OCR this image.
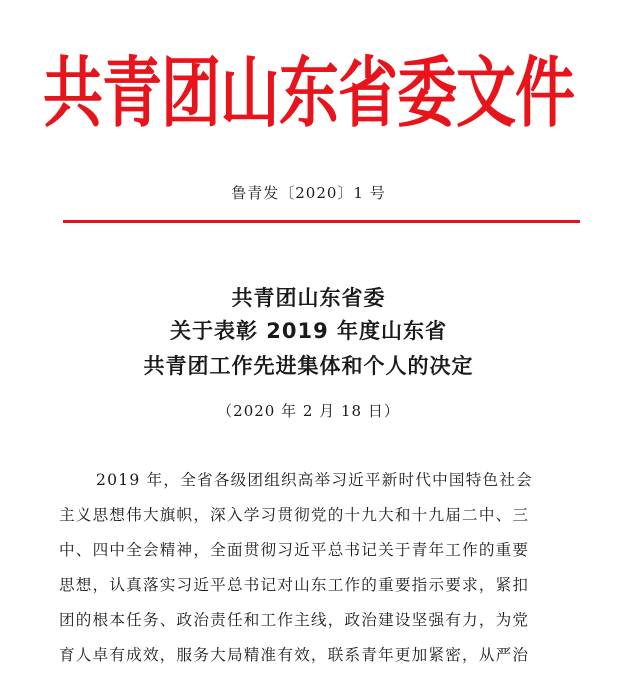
共青团山东省委文件
鲁青发〔2020〕1 号
共青团山东省委
关于表彰 2019 年度山东省
共青团工作先进集体和个人的决定
（2020 年 2 月 18 日）
2019 年，全省各级团组织高举习近平新时代中国特色社会
主义思想伟大旗帜，深入学习贯彻党的十九大和十九届二中、三
中、四中全会精神，全面贯彻习近平总书记关于青年工作的重要
思想，认真落实习近平总书记对山东工作的重要指示要求，紧扣
团的根本任务、政治责任和工作主线，政治建设坚强有力，为党
育人卓有成效，服务大局精准有效，联系青年更加紧密，从严治
